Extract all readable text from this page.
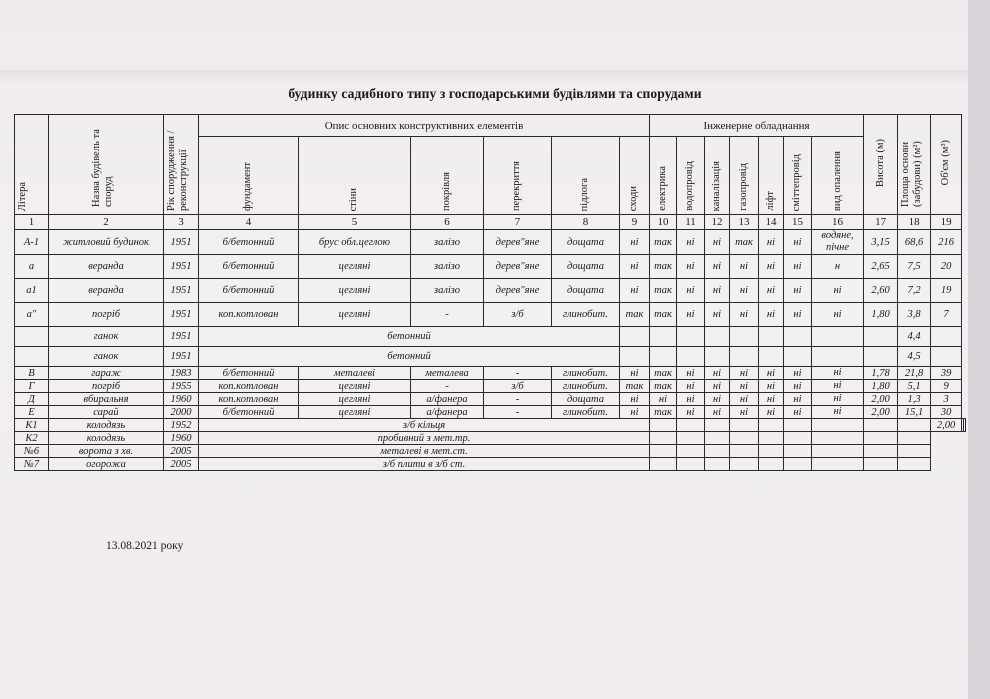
будинку садибного типу з господарськими будівлями та спорудами
Літера	Назва будівель та споруд	Рік спорудження / реконструкції	Опис основних конструктивних елементів						Інженерне обладнання							Висота (м)	Площа основи (забудови) (м²)	Об'єм (м³)		
			фундамент	стіни	покрівля	перекриття	підлога	сходи	електрика	водопровід	каналізація	газопровід	ліфт	сміттепровід	вид опалення					
1	2	3	4	5	6	7	8	9	10	11	12	13	14	15	16	17	18	19		
А-1	житловий будинок	1951	б/бетонний	брус обл.цеглою	залізо	дерев"яне	дощата	ні	так	ні	ні	так	ні	ні	водяне, пічне	3,15	68,6	216		
а	веранда	1951	б/бетонний	цегляні	залізо	дерев"яне	дощата	ні	так	ні	ні	ні	ні	ні	н	2,65	7,5	20		
а1	веранда	1951	б/бетонний	цегляні	залізо	дерев"яне	дощата	ні	так	ні	ні	ні	ні	ні	ні	2,60	7,2	19		
а"	погріб	1951	коп.котлован	цегляні	-	з/б	глинобит.	так	так	ні	ні	ні	ні	ні	ні	1,80	3,8	7		
	ганок	1951	бетонний														4,4			
	ганок	1951	бетонний														4,5			
В	гараж	1983	б/бетонний	металеві	металева	-	глинобит.	ні	так	ні	ні	ні	ні	ні	ні	1,78	21,8	39		
Г	погріб	1955	коп.котлован	цегляні	-	з/б	глинобит.	так	так	ні	ні	ні	ні	ні	ні	1,80	5,1	9		
Д	вбиральня	1960	коп.котлован	цегляні	а/фанера	-	дощата	ні	ні	ні	ні	ні	ні	ні	ні	2,00	1,3	3		
Е	сарай	2000	б/бетонний	цегляні	а/фанера	-	глинобит.	ні	так	ні	ні	ні	ні	ні	ні	2,00	15,1	30		
К1	колодязь	1952	з/б кільця															2,00		
К2	колодязь	1960	пробивний з мет.тр.																	
№6	ворота з хв.	2005	металеві в мет.ст.																	
№7	огорожа	2005	з/б плити в з/б ст.																	
13.08.2021 року
